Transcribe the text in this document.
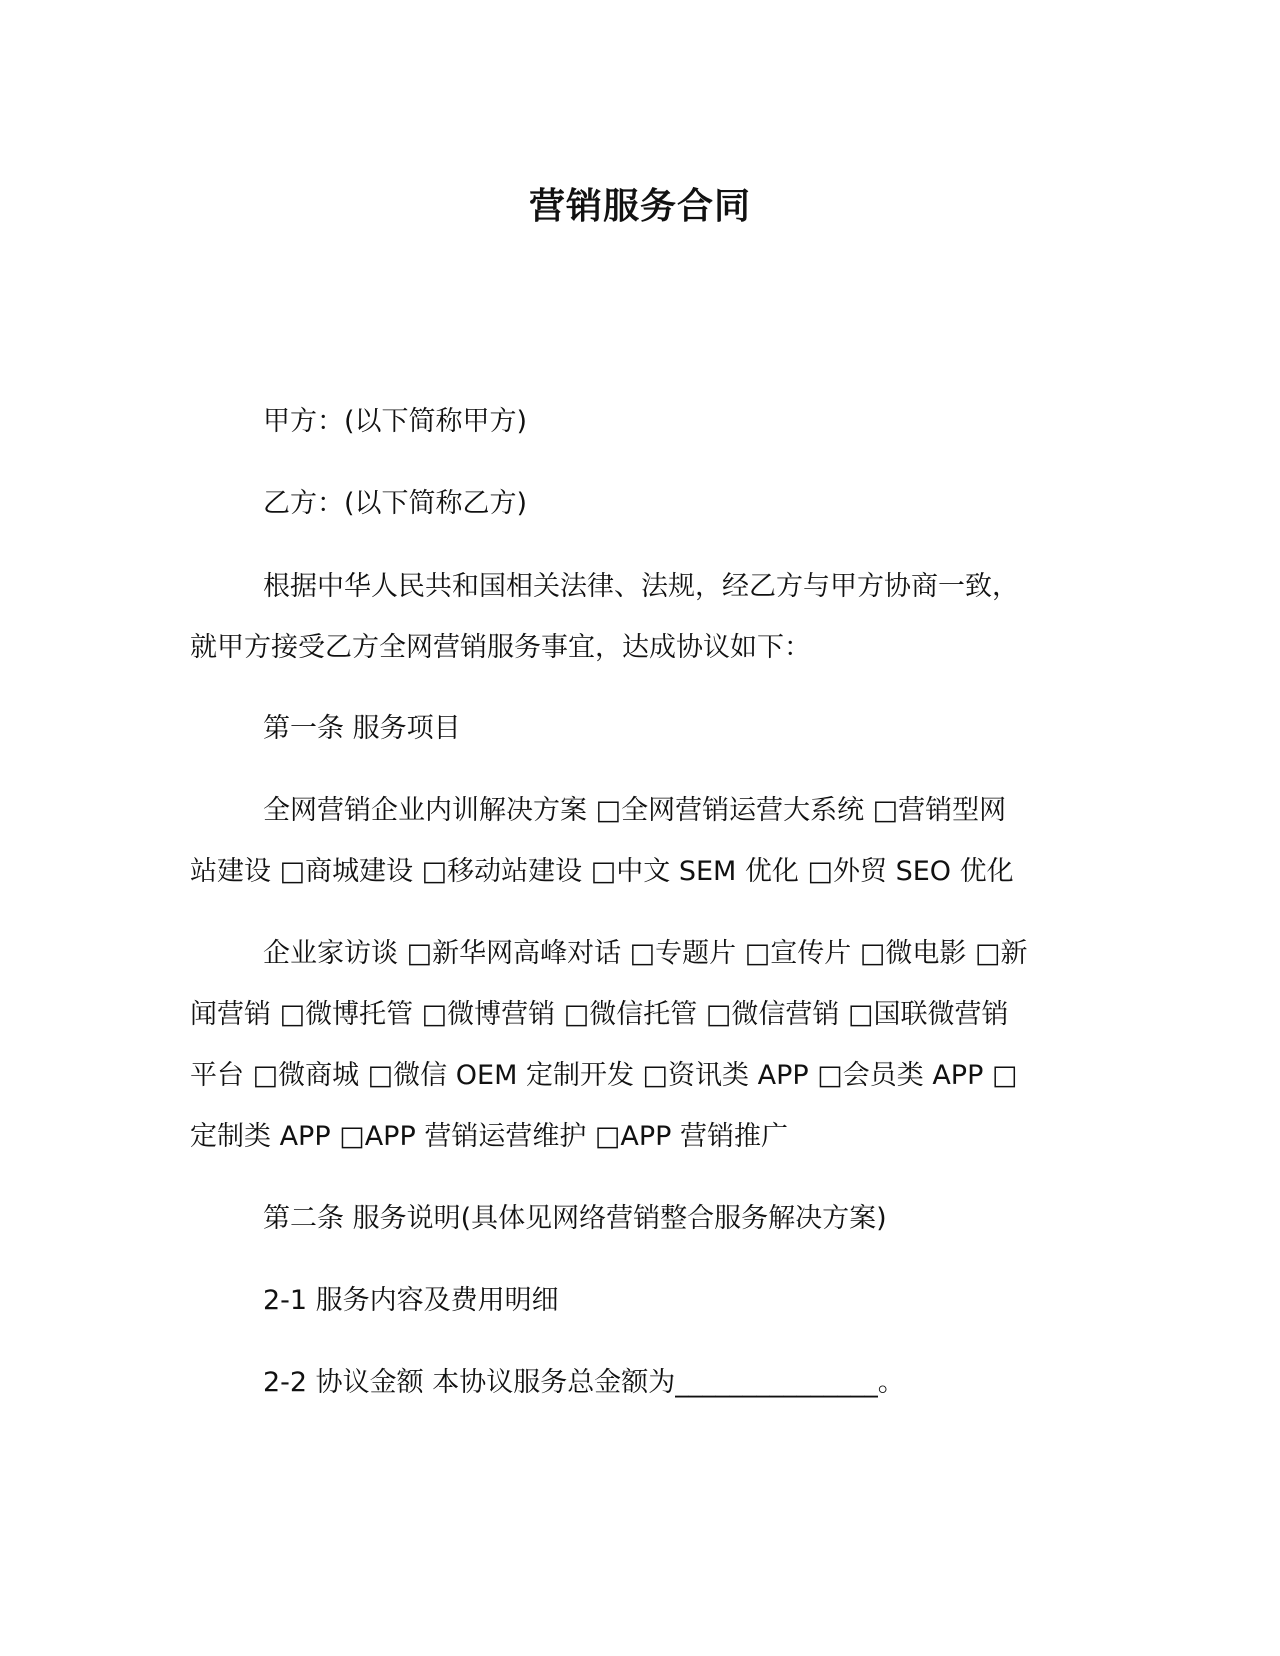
营销服务合同
甲方：(以下简称甲方)
乙方：(以下简称乙方)
根据中华人民共和国相关法律、法规，经乙方与甲方协商一致，
就甲方接受乙方全网营销服务事宜，达成协议如下：
第一条 服务项目
全网营销企业内训解决方案 □全网营销运营大系统 □营销型网
站建设 □商城建设 □移动站建设 □中文 SEM 优化 □外贸 SEO 优化
企业家访谈 □新华网高峰对话 □专题片 □宣传片 □微电影 □新
闻营销 □微博托管 □微博营销 □微信托管 □微信营销 □国联微营销
平台 □微商城 □微信 OEM 定制开发 □资讯类 APP □会员类 APP □
定制类 APP □APP 营销运营维护 □APP 营销推广
第二条 服务说明(具体见网络营销整合服务解决方案)
2-1 服务内容及费用明细
2-2 协议金额 本协议服务总金额为_______________。
